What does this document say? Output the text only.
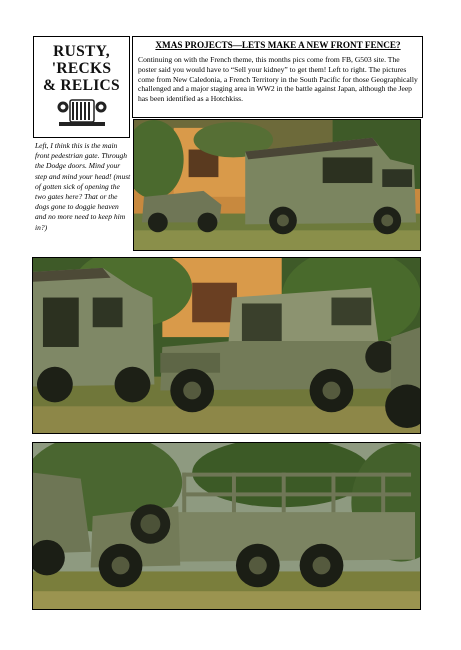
RUSTY,
'RECKS
& RELICS
XMAS PROJECTS—LETS MAKE A NEW FRONT FENCE?
Continuing on with the French theme, this months pics come from FB, G503 site. The poster said you would have to “Sell your kidney” to get them! Left to right. The pictures come from New Caledonia, a French Territory in the South Pacific for those Geographically challenged and a major staging area in WW2 in the battle against Japan, although the Jeep has been identified as a Hotchkiss.
Left, I think this is the main front pedestrian gate. Through the Dodge doors. Mind your step and mind your head! (must of gotten sick of opening the two gates here? That or the dogs gone to doggie heaven and no more need to keep him in?)
